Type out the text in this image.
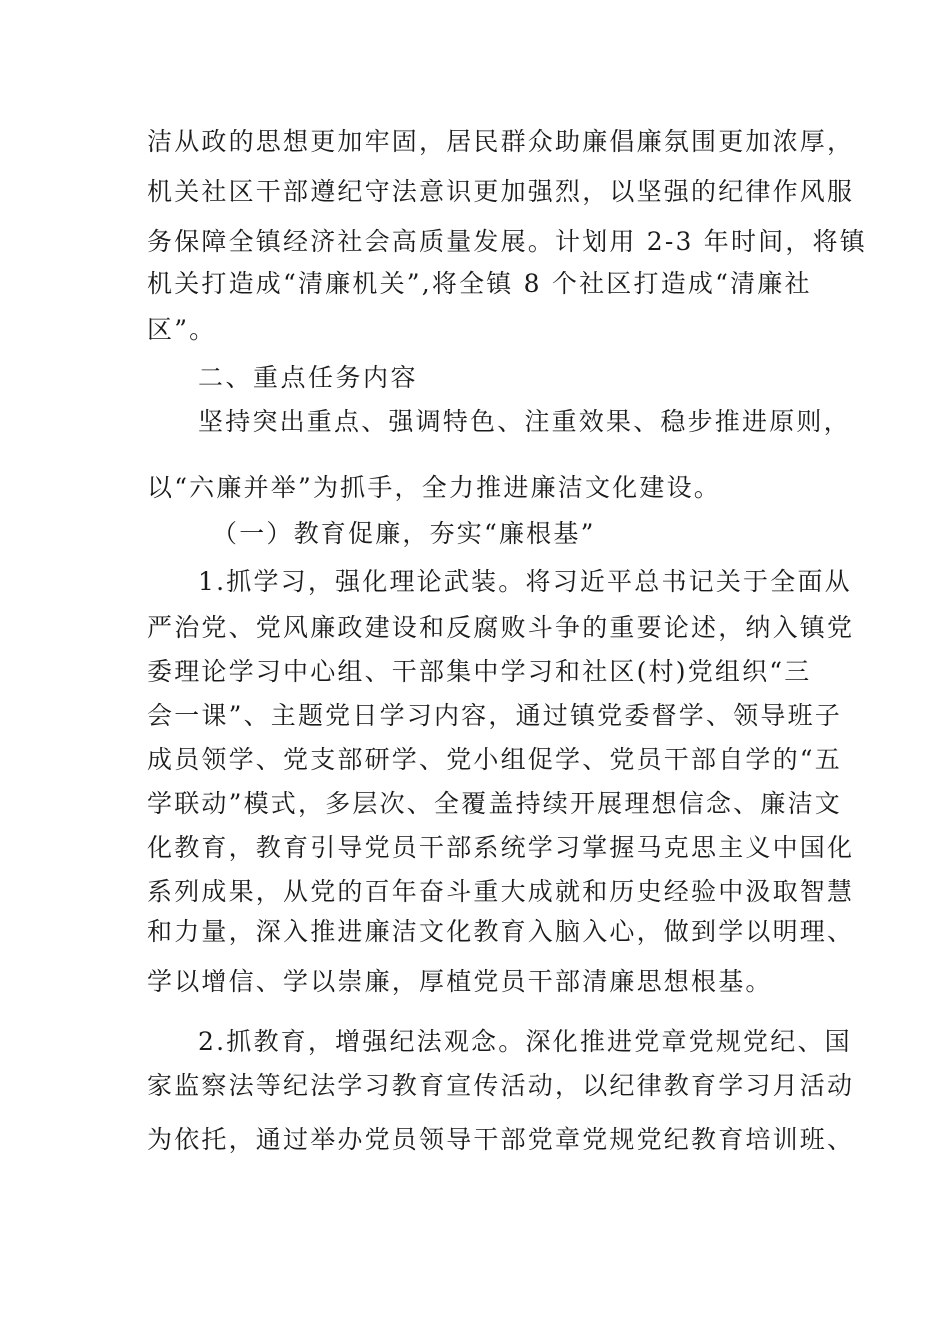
洁从政的思想更加牢固，居民群众助廉倡廉氛围更加浓厚，
机关社区干部遵纪守法意识更加强烈，以坚强的纪律作风服
务保障全镇经济社会高质量发展。计划用 2-3 年时间，将镇
机关打造成“清廉机关”,将全镇 8 个社区打造成“清廉社
区”。
二、重点任务内容
坚持突出重点、强调特色、注重效果、稳步推进原则，
以“六廉并举”为抓手，全力推进廉洁文化建设。
（一）教育促廉，夯实“廉根基”
1.抓学习，强化理论武装。将习近平总书记关于全面从
严治党、党风廉政建设和反腐败斗争的重要论述，纳入镇党
委理论学习中心组、干部集中学习和社区(村)党组织“三
会一课”、主题党日学习内容，通过镇党委督学、领导班子
成员领学、党支部研学、党小组促学、党员干部自学的“五
学联动”模式，多层次、全覆盖持续开展理想信念、廉洁文
化教育，教育引导党员干部系统学习掌握马克思主义中国化
系列成果，从党的百年奋斗重大成就和历史经验中汲取智慧
和力量，深入推进廉洁文化教育入脑入心，做到学以明理、
学以增信、学以崇廉，厚植党员干部清廉思想根基。
2.抓教育，增强纪法观念。深化推进党章党规党纪、国
家监察法等纪法学习教育宣传活动，以纪律教育学习月活动
为依托，通过举办党员领导干部党章党规党纪教育培训班、
